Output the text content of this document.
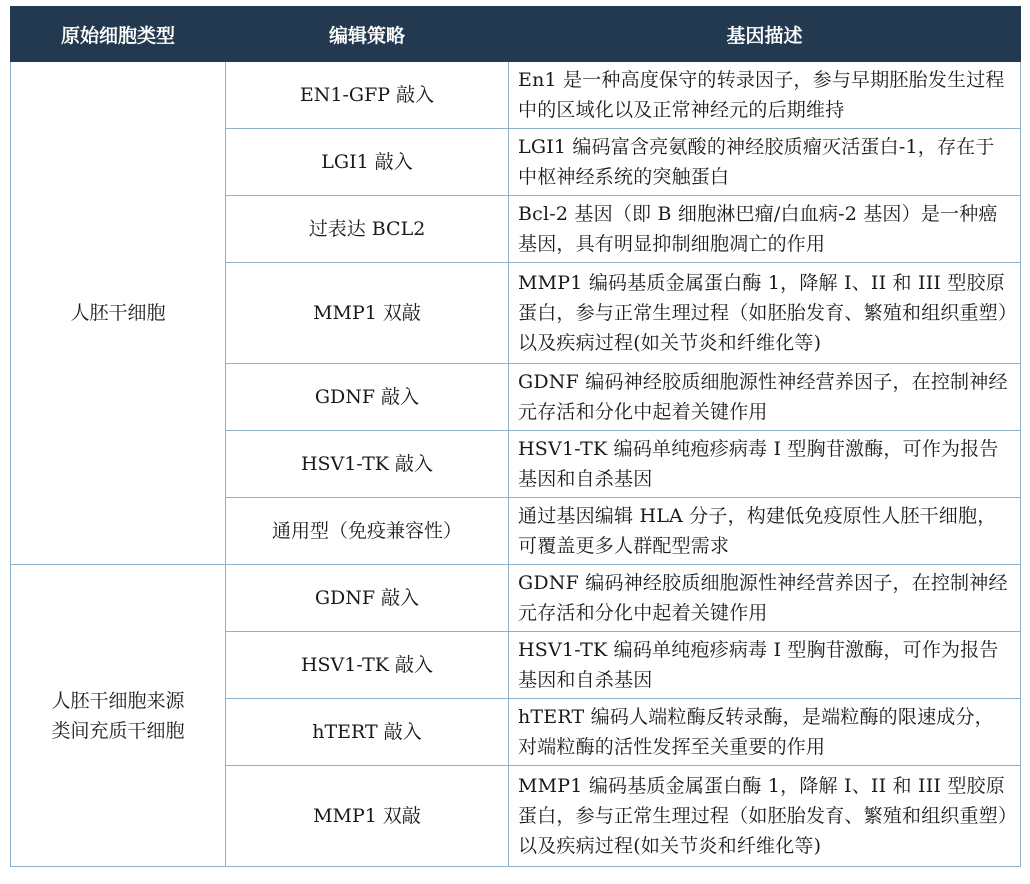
原始细胞类型	编辑策略	基因描述
人胚干细胞	EN1-GFP 敲入	En1 是一种高度保守的转录因子，参与早期胚胎发生过程中的区域化以及正常神经元的后期维持
	LGI1 敲入	LGI1 编码富含亮氨酸的神经胶质瘤灭活蛋白-1，存在于中枢神经系统的突触蛋白
	过表达 BCL2	Bcl-2 基因（即 B 细胞淋巴瘤/白血病-2 基因）是一种癌基因，具有明显抑制细胞凋亡的作用
	MMP1 双敲	MMP1 编码基质金属蛋白酶 1，降解 I、II 和 III 型胶原蛋白，参与正常生理过程（如胚胎发育、繁殖和组织重塑）以及疾病过程(如关节炎和纤维化等)
	GDNF 敲入	GDNF 编码神经胶质细胞源性神经营养因子，在控制神经元存活和分化中起着关键作用
	HSV1-TK 敲入	HSV1-TK 编码单纯疱疹病毒 I 型胸苷激酶，可作为报告基因和自杀基因
	通用型（免疫兼容性）	通过基因编辑 HLA 分子，构建低免疫原性人胚干细胞，可覆盖更多人群配型需求

人胚干细胞来源
类间充质干细胞	GDNF 敲入	GDNF 编码神经胶质细胞源性神经营养因子，在控制神经元存活和分化中起着关键作用
	HSV1-TK 敲入	HSV1-TK 编码单纯疱疹病毒 I 型胸苷激酶，可作为报告基因和自杀基因
	hTERT 敲入	hTERT 编码人端粒酶反转录酶，是端粒酶的限速成分，对端粒酶的活性发挥至关重要的作用
	MMP1 双敲	MMP1 编码基质金属蛋白酶 1，降解 I、II 和 III 型胶原蛋白，参与正常生理过程（如胚胎发育、繁殖和组织重塑）以及疾病过程(如关节炎和纤维化等)
